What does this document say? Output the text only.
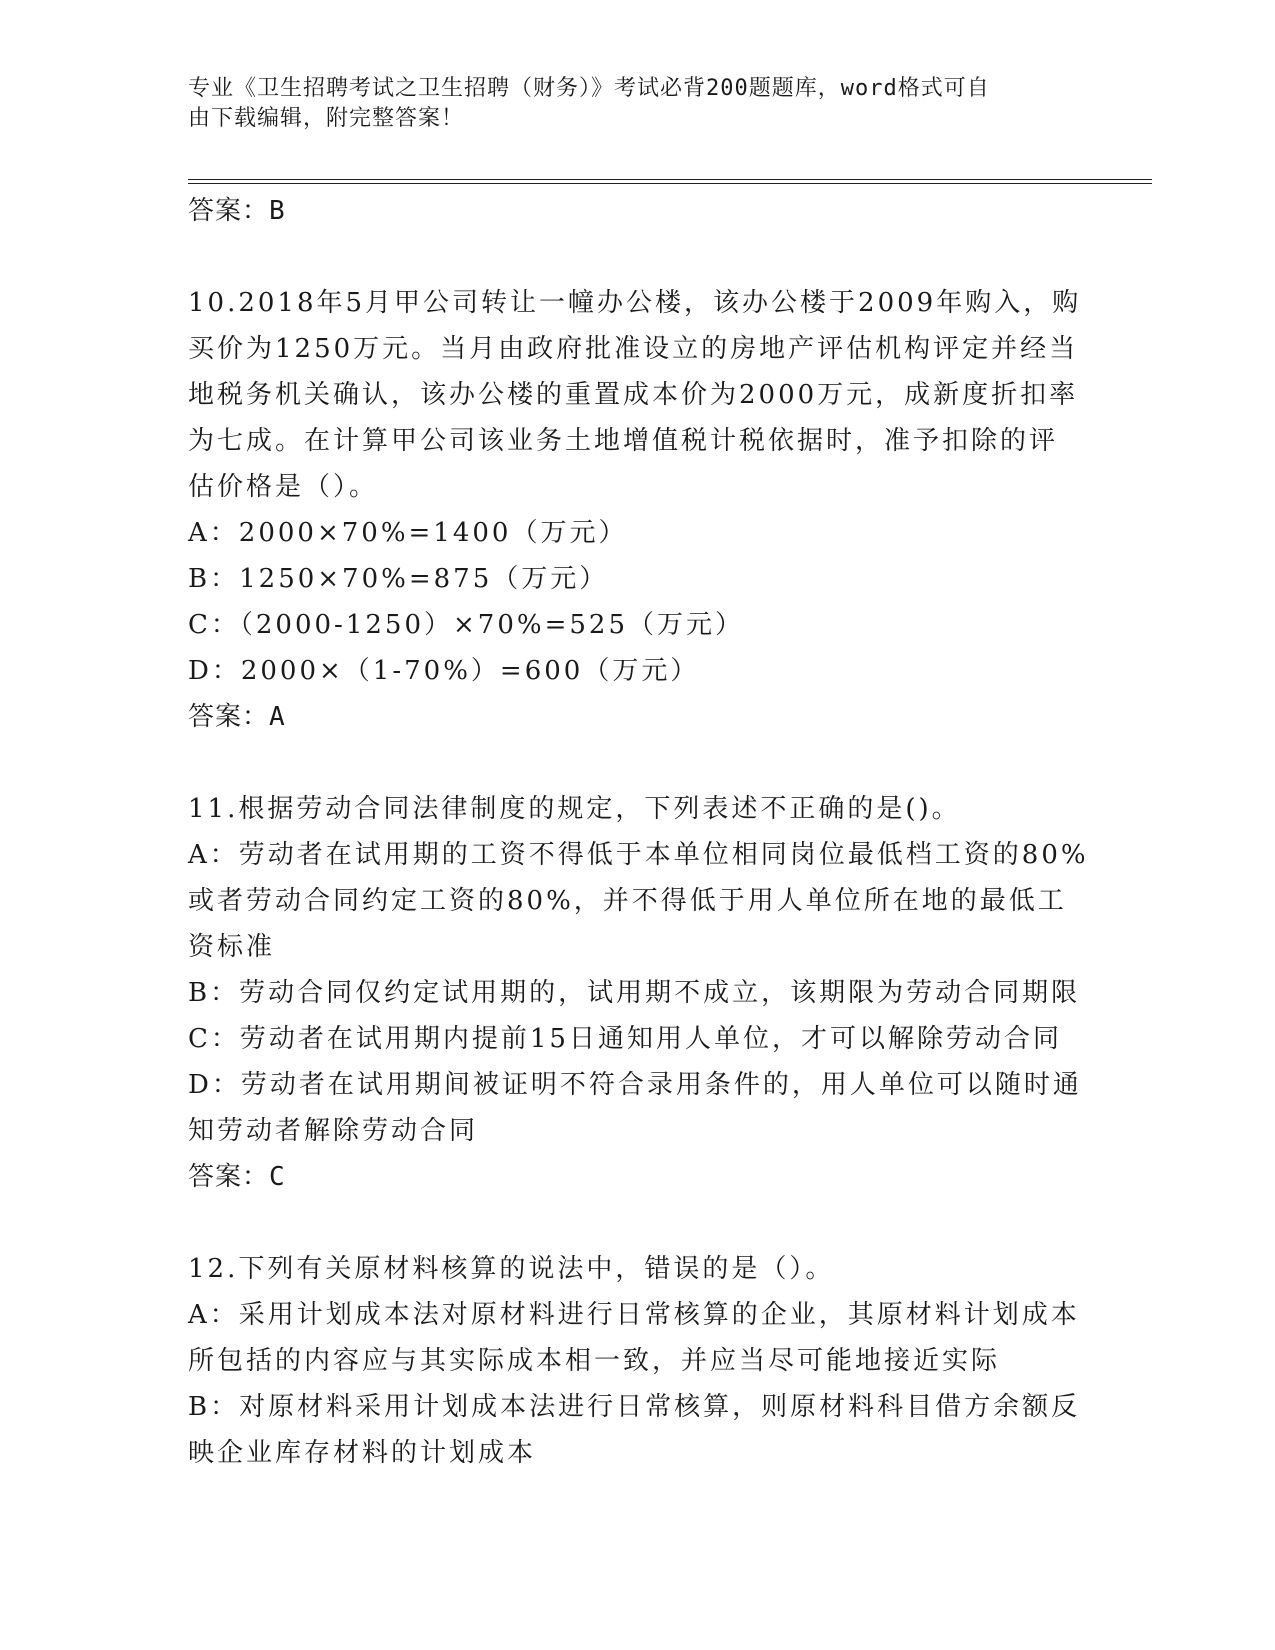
专业《卫生招聘考试之卫生招聘（财务）》考试必背200题题库，word格式可自
由下载编辑，附完整答案！
答案：B
10.2018年5月甲公司转让一幢办公楼，该办公楼于2009年购入，购
买价为1250万元。当月由政府批准设立的房地产评估机构评定并经当
地税务机关确认，该办公楼的重置成本价为2000万元，成新度折扣率
为七成。在计算甲公司该业务土地增值税计税依据时，准予扣除的评
估价格是（）。
A：2000×70%=1400（万元）
B：1250×70%=875（万元）
C：（2000-1250）×70%=525（万元）
D：2000×（1-70%）=600（万元）
答案：A
11.根据劳动合同法律制度的规定，下列表述不正确的是()。
A：劳动者在试用期的工资不得低于本单位相同岗位最低档工资的80%
或者劳动合同约定工资的80%，并不得低于用人单位所在地的最低工
资标准
B：劳动合同仅约定试用期的，试用期不成立，该期限为劳动合同期限
C：劳动者在试用期内提前15日通知用人单位，才可以解除劳动合同
D：劳动者在试用期间被证明不符合录用条件的，用人单位可以随时通
知劳动者解除劳动合同
答案：C
12.下列有关原材料核算的说法中，错误的是（）。
A：采用计划成本法对原材料进行日常核算的企业，其原材料计划成本
所包括的内容应与其实际成本相一致，并应当尽可能地接近实际
B：对原材料采用计划成本法进行日常核算，则原材料科目借方余额反
映企业库存材料的计划成本
